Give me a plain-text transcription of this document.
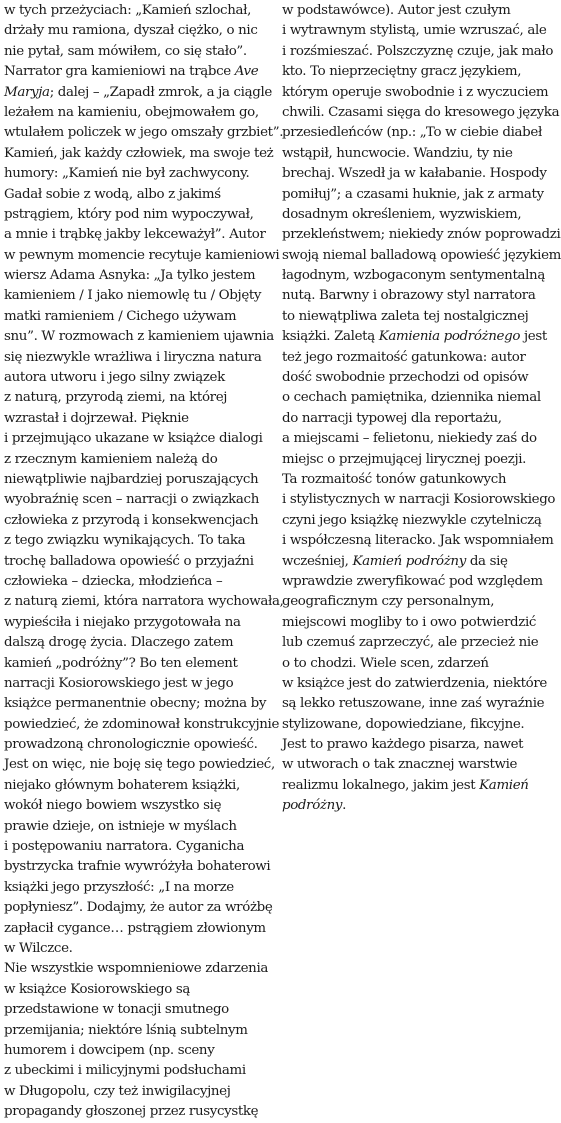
w tych przeżyciach: „Kamień szlochał,
drżały mu ramiona, dyszał ciężko, o nic
nie pytał, sam mówiłem, co się stało”.
Narrator gra kamieniowi na trąbce Ave
Maryja; dalej – „Zapadł zmrok, a ja ciągle
leżałem na kamieniu, obejmowałem go,
wtulałem policzek w jego omszały grzbiet”.
Kamień, jak każdy człowiek, ma swoje też
humory: „Kamień nie był zachwycony.
Gadał sobie z wodą, albo z jakimś
pstrągiem, który pod nim wypoczywał,
a mnie i trąbkę jakby lekceważył”. Autor
w pewnym momencie recytuje kamieniowi
wiersz Adama Asnyka: „Ja tylko jestem
kamieniem / I jako niemowlę tu / Objęty
matki ramieniem / Cichego używam
snu”. W rozmowach z kamieniem ujawnia
się niezwykle wrażliwa i liryczna natura
autora utworu i jego silny związek
z naturą, przyrodą ziemi, na której
wzrastał i dojrzewał. Pięknie
i przejmująco ukazane w książce dialogi
z rzecznym kamieniem należą do
niewątpliwie najbardziej poruszających
wyobraźnię scen – narracji o związkach
człowieka z przyrodą i konsekwencjach
z tego związku wynikających. To taka
trochę balladowa opowieść o przyjaźni
człowieka – dziecka, młodzieńca –
z naturą ziemi, która narratora wychowała,
wypieściła i niejako przygotowała na
dalszą drogę życia. Dlaczego zatem
kamień „podróżny”? Bo ten element
narracji Kosiorowskiego jest w jego
książce permanentnie obecny; można by
powiedzieć, że zdominował konstrukcyjnie
prowadzoną chronologicznie opowieść.
Jest on więc, nie boję się tego powiedzieć,
niejako głównym bohaterem książki,
wokół niego bowiem wszystko się
prawie dzieje, on istnieje w myślach
i postępowaniu narratora. Cyganicha
bystrzycka trafnie wywróżyła bohaterowi
książki jego przyszłość: „I na morze
popłyniesz”. Dodajmy, że autor za wróżbę
zapłacił cygance… pstrągiem złowionym
w Wilczce.
Nie wszystkie wspomnieniowe zdarzenia
w książce Kosiorowskiego są
przedstawione w tonacji smutnego
przemijania; niektóre lśnią subtelnym
humorem i dowcipem (np. sceny
z ubeckimi i milicyjnymi podsłuchami
w Długopolu, czy też inwigilacyjnej
propagandy głoszonej przez rusycystkę
w podstawówce). Autor jest czułym
i wytrawnym stylistą, umie wzruszać, ale
i rozśmieszać. Polszczyznę czuje, jak mało
kto. To nieprzeciętny gracz językiem,
którym operuje swobodnie i z wyczuciem
chwili. Czasami sięga do kresowego języka
przesiedleńców (np.: „To w ciebie diabeł
wstąpił, huncwocie. Wandziu, ty nie
brechaj. Wszedł ja w kałabanie. Hospody
pomiłuj”; a czasami huknie, jak z armaty
dosadnym określeniem, wyzwiskiem,
przekleństwem; niekiedy znów poprowadzi
swoją niemal balladową opowieść językiem
łagodnym, wzbogaconym sentymentalną
nutą. Barwny i obrazowy styl narratora
to niewątpliwa zaleta tej nostalgicznej
książki. Zaletą Kamienia podróżnego jest
też jego rozmaitość gatunkowa: autor
dość swobodnie przechodzi od opisów
o cechach pamiętnika, dziennika niemal
do narracji typowej dla reportażu,
a miejscami – felietonu, niekiedy zaś do
miejsc o przejmującej lirycznej poezji.
Ta rozmaitość tonów gatunkowych
i stylistycznych w narracji Kosiorowskiego
czyni jego książkę niezwykle czytelniczą
i współczesną literacko. Jak wspomniałem
wcześniej, Kamień podróżny da się
wprawdzie zweryfikować pod względem
geograficznym czy personalnym,
miejscowi mogliby to i owo potwierdzić
lub czemuś zaprzeczyć, ale przecież nie
o to chodzi. Wiele scen, zdarzeń
w książce jest do zatwierdzenia, niektóre
są lekko retuszowane, inne zaś wyraźnie
stylizowane, dopowiedziane, fikcyjne.
Jest to prawo każdego pisarza, nawet
w utworach o tak znacznej warstwie
realizmu lokalnego, jakim jest Kamień
podróżny.
